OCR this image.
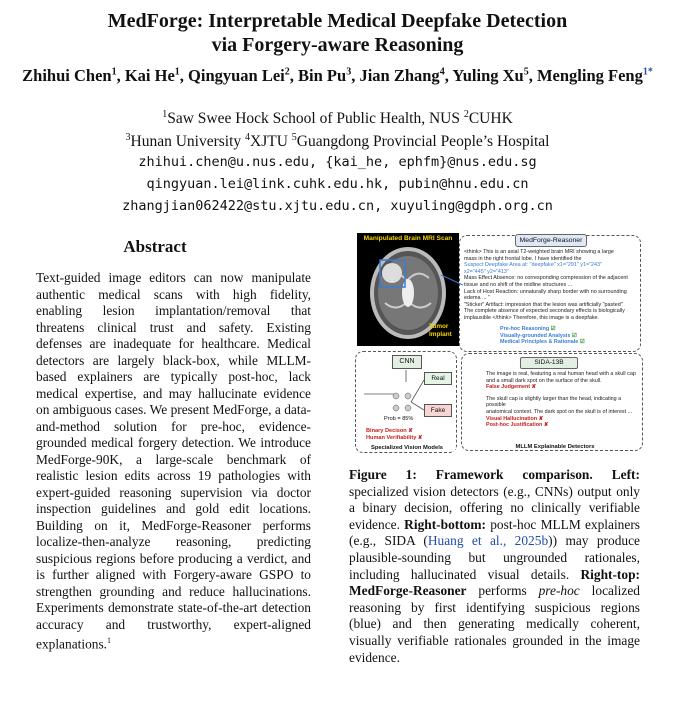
MedForge: Interpretable Medical Deepfake Detection
via Forgery-aware Reasoning
Zhihui Chen$^1$, Kai He$^1$, Qingyuan Lei$^2$, Bin Pu$^3$, Jian Zhang$^4$, Yuling Xu$^5$, Mengling Feng$^{1*}$
$^1$Saw Swee Hock School of Public Health, NUS $^2$CUHK
$^3$Hunan University $^4$XJTU $^5$Guangdong Provincial People’s Hospital
zhihui.chen@u.nus.edu, {kai_he, ephfm}@nus.edu.sg
qingyuan.lei@link.cuhk.edu.hk, pubin@hnu.edu.cn
zhangjian062422@stu.xjtu.edu.cn, xuyuling@gdph.org.cn
Abstract
Text-guided image editors can now manipulate authentic medical scans with high fidelity, enabling lesion implantation/removal that threatens clinical trust and safety. Existing defenses are inadequate for healthcare. Medical detectors are largely black-box, while MLLM-based explainers are typically post-hoc, lack medical expertise, and may hallucinate evidence on ambiguous cases. We present MedForge, a data-and-method solution for pre-hoc, evidence-grounded medical forgery detection. We introduce MedForge-90K, a large-scale benchmark of realistic lesion edits across 19 pathologies with expert-guided reasoning supervision via doctor inspection guidelines and gold edit locations. Building on it, MedForge-Reasoner performs localize-then-analyze reasoning, predicting suspicious regions before producing a verdict, and is further aligned with Forgery-aware GSPO to strengthen grounding and reduce hallucinations. Experiments demonstrate state-of-the-art detection accuracy and trustworthy, expert-aligned explanations.$^1$
Manipulated Brain MRI Scan
Tumor Implant
MedForge-Reasoner
<think> This is an axial T2-weighted brain MRI showing a large
mass in the right frontal lobe. I have identified the
Suspect Deepfake Area at: "deepfake" x1="291" y1="243"
x2="445" y2="413"
Mass Effect Absence: no corresponding compression of the adjacent
tissue and no shift of the midline structures ...
Lack of Host Reaction: unnaturally sharp border with no surrounding
edema ... "
"Sticker" Artifact: impression that the lesion was artificially "pasted"
The complete absence of expected secondary effects is biologically
implausible </think> Therefore, this image is a deepfake.
Pre-hoc Reasoning ☑
Visually-grounded Analysis ☑
Medical Principles & Rationale ☑
CNN
Real
Fake
Prob = 85%
Binary Decison ✘
Human Verifiability ✘
Specialized Vision Models
SIDA-13B
The image is real, featuring a real human head with a skull cap
and a small dark spot on the surface of the skull.
False Judgement ✘
The skull cap is slightly larger than the head, indicating a possible
anatomical context. The dark spot on the skull is of interest ...
Visual Hallucination ✘
Post-hoc Justification ✘
MLLM Explainable Detectors
Figure 1: Framework comparison. Left: specialized vision detectors (e.g., CNNs) output only a binary decision, offering no clinically verifiable evidence. Right-bottom: post-hoc MLLM explainers (e.g., SIDA (Huang et al., 2025b)) may produce plausible-sounding but ungrounded rationales, including hallucinated visual details. Right-top: MedForge-Reasoner performs pre-hoc localized reasoning by first identifying suspicious regions (blue) and then generating medically coherent, visually verifiable rationales grounded in the image evidence.
